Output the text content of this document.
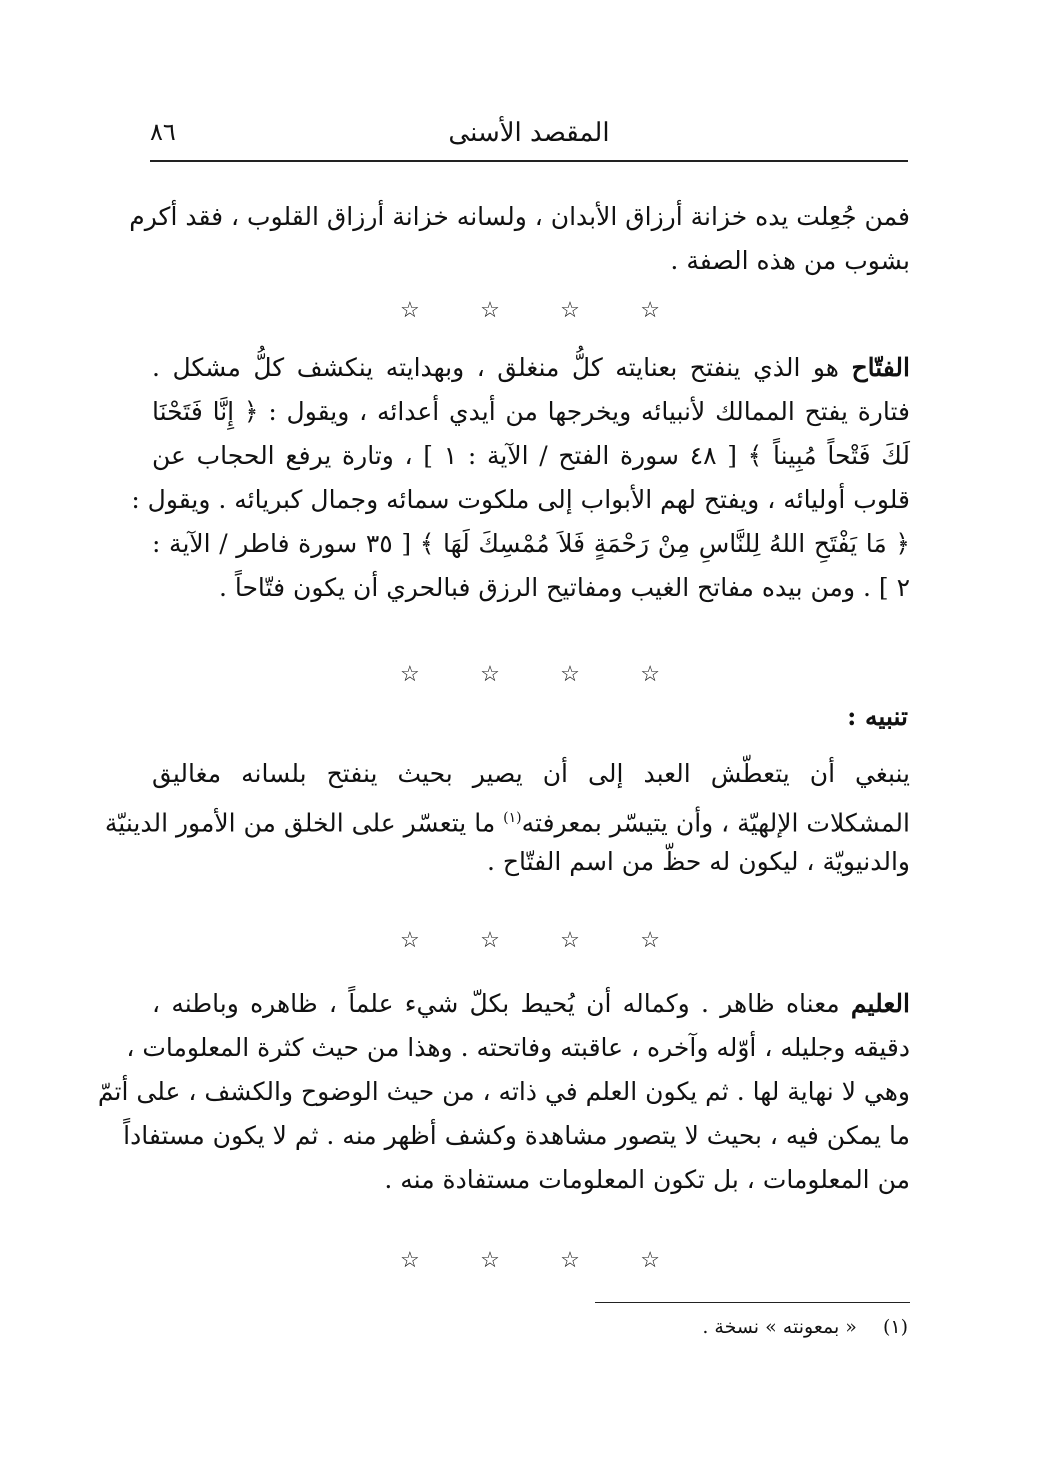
٨٦	المقصد الأسنى
فمن جُعِلت يده خزانة أرزاق الأبدان ، ولسانه خزانة أرزاق القلوب ، فقد أكرم
بشوب من هذه الصفة .
☆	☆	☆	☆
الفتّاح هو الذي ينفتح بعنايته كلُّ منغلق ، وبهدايته ينكشف كلُّ مشكل .
فتارة يفتح الممالك لأنبيائه ويخرجها من أيدي أعدائه ، ويقول : ﴿ إِنَّا فَتَحْنَا
لَكَ فَتْحاً مُبِيناً ﴾ [ ٤٨ سورة الفتح / الآية : ١ ] ، وتارة يرفع الحجاب عن
قلوب أوليائه ، ويفتح لهم الأبواب إلى ملكوت سمائه وجمال كبريائه . ويقول :
﴿ مَا يَفْتَحِ اللهُ لِلنَّاسِ مِنْ رَحْمَةٍ فَلاَ مُمْسِكَ لَهَا ﴾ [ ٣٥ سورة فاطر / الآية :
٢ ] . ومن بيده مفاتح الغيب ومفاتيح الرزق فبالحري أن يكون فتّاحاً .
☆	☆	☆	☆
تنبيه :
ينبغي أن يتعطّش العبد إلى أن يصير بحيث ينفتح بلسانه مغاليق
المشكلات الإلهيّة ، وأن يتيسّر بمعرفته$^{(١)}$ ما يتعسّر على الخلق من الأمور الدينيّة
والدنيويّة ، ليكون له حظّ من اسم الفتّاح .
☆	☆	☆	☆
العليم معناه ظاهر . وكماله أن يُحيط بكلّ شيء علماً ، ظاهره وباطنه ،
دقيقه وجليله ، أوّله وآخره ، عاقبته وفاتحته . وهذا من حيث كثرة المعلومات ،
وهي لا نهاية لها . ثم يكون العلم في ذاته ، من حيث الوضوح والكشف ، على أتمّ
ما يمكن فيه ، بحيث لا يتصور مشاهدة وكشف أظهر منه . ثم لا يكون مستفاداً
من المعلومات ، بل تكون المعلومات مستفادة منه .
☆	☆	☆	☆
(١)« بمعونته » نسخة .
